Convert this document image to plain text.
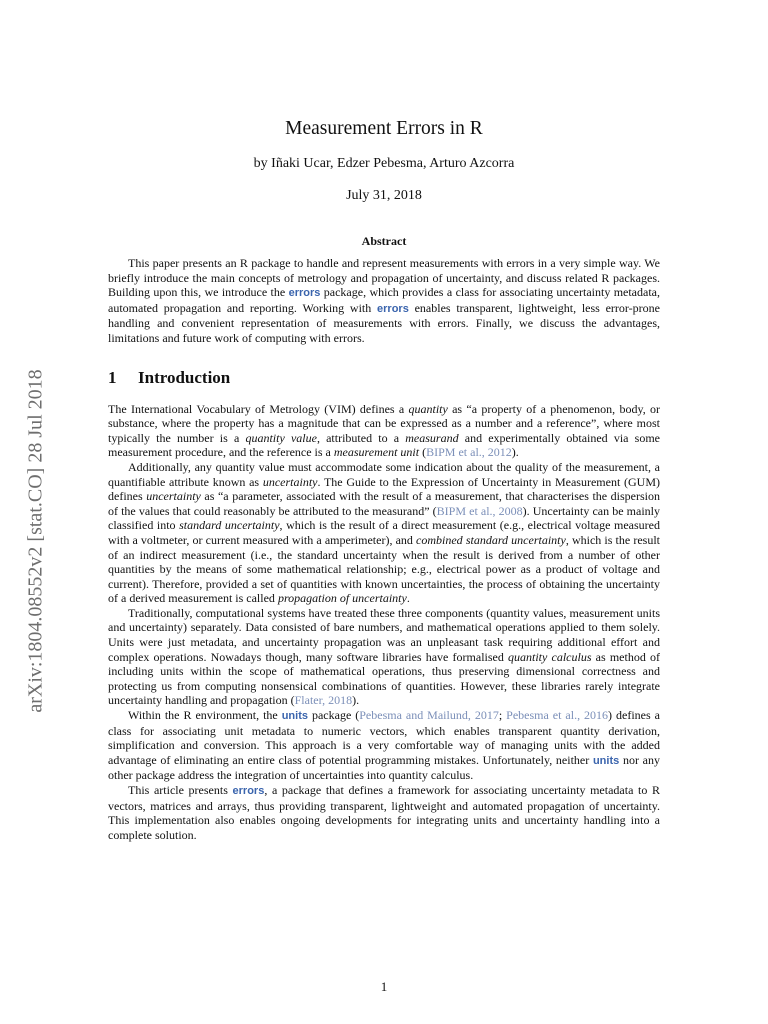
arXiv:1804.08552v2 [stat.CO] 28 Jul 2018
Measurement Errors in R
by Iñaki Ucar, Edzer Pebesma, Arturo Azcorra
July 31, 2018
Abstract

This paper presents an R package to handle and represent measurements with errors in a very simple way. We briefly introduce the main concepts of metrology and propagation of uncertainty, and discuss related R packages. Building upon this, we introduce the errors package, which provides a class for associating uncertainty metadata, automated propagation and reporting. Working with errors enables transparent, lightweight, less error-prone handling and convenient representation of measurements with errors. Finally, we discuss the advantages, limitations and future work of computing with errors.

1 Introduction

The International Vocabulary of Metrology (VIM) defines a quantity as “a property of a phenomenon, body, or substance, where the property has a magnitude that can be expressed as a number and a reference”, where most typically the number is a quantity value, attributed to a measurand and experimentally obtained via some measurement procedure, and the reference is a measurement unit (BIPM et al., 2012).

Additionally, any quantity value must accommodate some indication about the quality of the measurement, a quantifiable attribute known as uncertainty. The Guide to the Expression of Uncertainty in Measurement (GUM) defines uncertainty as “a parameter, associated with the result of a measurement, that characterises the dispersion of the values that could reasonably be attributed to the measurand” (BIPM et al., 2008). Uncertainty can be mainly classified into standard uncertainty, which is the result of a direct measurement (e.g., electrical voltage measured with a voltmeter, or current measured with a amperimeter), and combined standard uncertainty, which is the result of an indirect measurement (i.e., the standard uncertainty when the result is derived from a number of other quantities by the means of some mathematical relationship; e.g., electrical power as a product of voltage and current). Therefore, provided a set of quantities with known uncertainties, the process of obtaining the uncertainty of a derived measurement is called propagation of uncertainty.

Traditionally, computational systems have treated these three components (quantity values, measurement units and uncertainty) separately. Data consisted of bare numbers, and mathematical operations applied to them solely. Units were just metadata, and uncertainty propagation was an unpleasant task requiring additional effort and complex operations. Nowadays though, many software libraries have formalised quantity calculus as method of including units within the scope of mathematical operations, thus preserving dimensional correctness and protecting us from computing nonsensical combinations of quantities. However, these libraries rarely integrate uncertainty handling and propagation (Flater, 2018).

Within the R environment, the units package (Pebesma and Mailund, 2017; Pebesma et al., 2016) defines a class for associating unit metadata to numeric vectors, which enables transparent quantity derivation, simplification and conversion. This approach is a very comfortable way of managing units with the added advantage of eliminating an entire class of potential programming mistakes. Unfortunately, neither units nor any other package address the integration of uncertainties into quantity calculus.

This article presents errors, a package that defines a framework for associating uncertainty metadata to R vectors, matrices and arrays, thus providing transparent, lightweight and automated propagation of uncertainty. This implementation also enables ongoing developments for integrating units and uncertainty handling into a complete solution.

1
